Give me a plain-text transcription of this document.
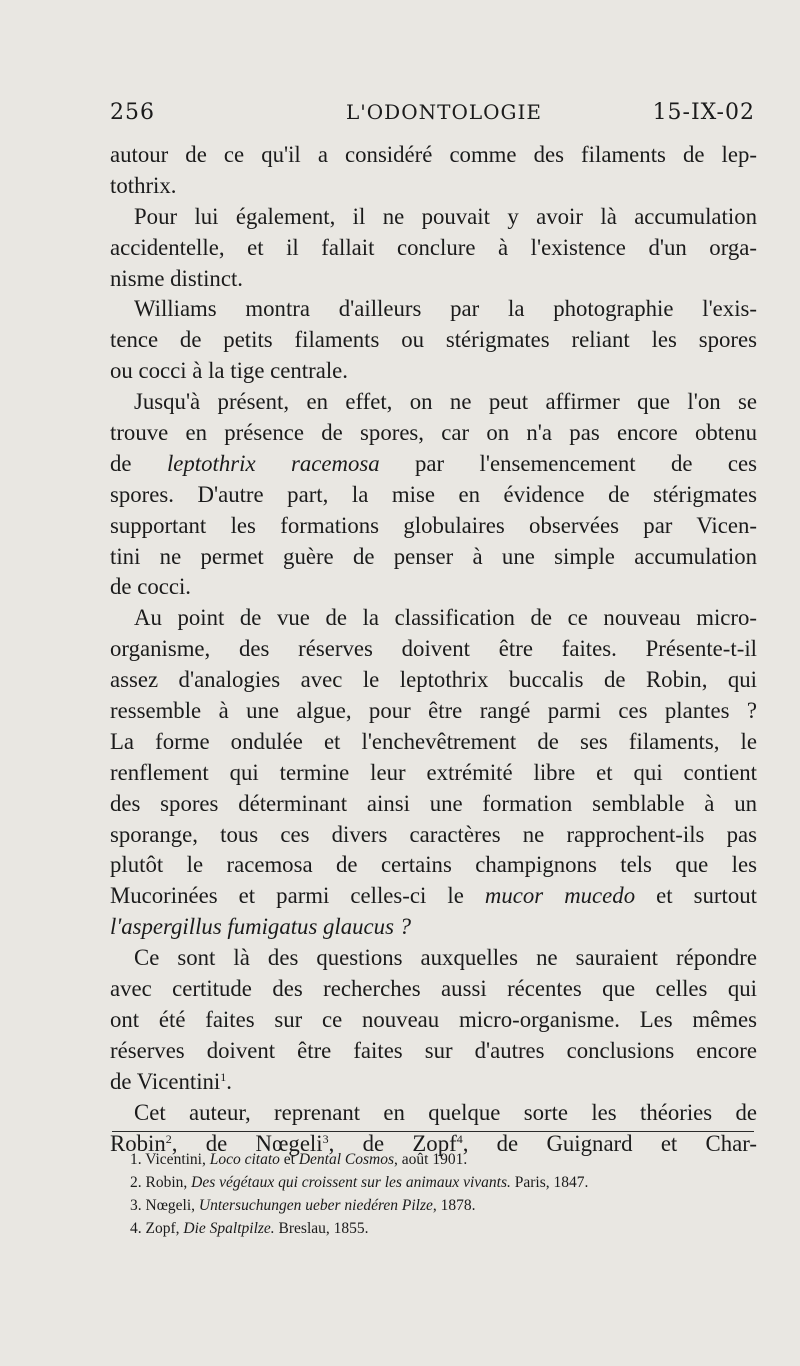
256	L'ODONTOLOGIE	15-IX-02
autour de ce qu'il a considéré comme des filaments de lep-
tothrix.
Pour lui également, il ne pouvait y avoir là accumulation
accidentelle, et il fallait conclure à l'existence d'un orga-
nisme distinct.
Williams montra d'ailleurs par la photographie l'exis-
tence de petits filaments ou stérigmates reliant les spores
ou cocci à la tige centrale.
Jusqu'à présent, en effet, on ne peut affirmer que l'on se
trouve en présence de spores, car on n'a pas encore obtenu
de leptothrix racemosa par l'ensemencement de ces
spores. D'autre part, la mise en évidence de stérigmates
supportant les formations globulaires observées par Vicen-
tini ne permet guère de penser à une simple accumulation
de cocci.
Au point de vue de la classification de ce nouveau micro-
organisme, des réserves doivent être faites. Présente-t-il
assez d'analogies avec le leptothrix buccalis de Robin, qui
ressemble à une algue, pour être rangé parmi ces plantes ?
La forme ondulée et l'enchevêtrement de ses filaments, le
renflement qui termine leur extrémité libre et qui contient
des spores déterminant ainsi une formation semblable à un
sporange, tous ces divers caractères ne rapprochent-ils pas
plutôt le racemosa de certains champignons tels que les
Mucorinées et parmi celles-ci le mucor mucedo et surtout
l'aspergillus fumigatus glaucus ?
Ce sont là des questions auxquelles ne sauraient répondre
avec certitude des recherches aussi récentes que celles qui
ont été faites sur ce nouveau micro-organisme. Les mêmes
réserves doivent être faites sur d'autres conclusions encore
de Vicentini$^1$.
Cet auteur, reprenant en quelque sorte les théories de
Robin$^2$, de Nœgeli$^3$, de Zopf$^4$, de Guignard et Char-
1. Vicentini, Loco citato et Dental Cosmos, août 1901.
2. Robin, Des végétaux qui croissent sur les animaux vivants. Paris, 1847.
3. Nœgeli, Untersuchungen ueber niedéren Pilze, 1878.
4. Zopf, Die Spaltpilze. Breslau, 1855.
